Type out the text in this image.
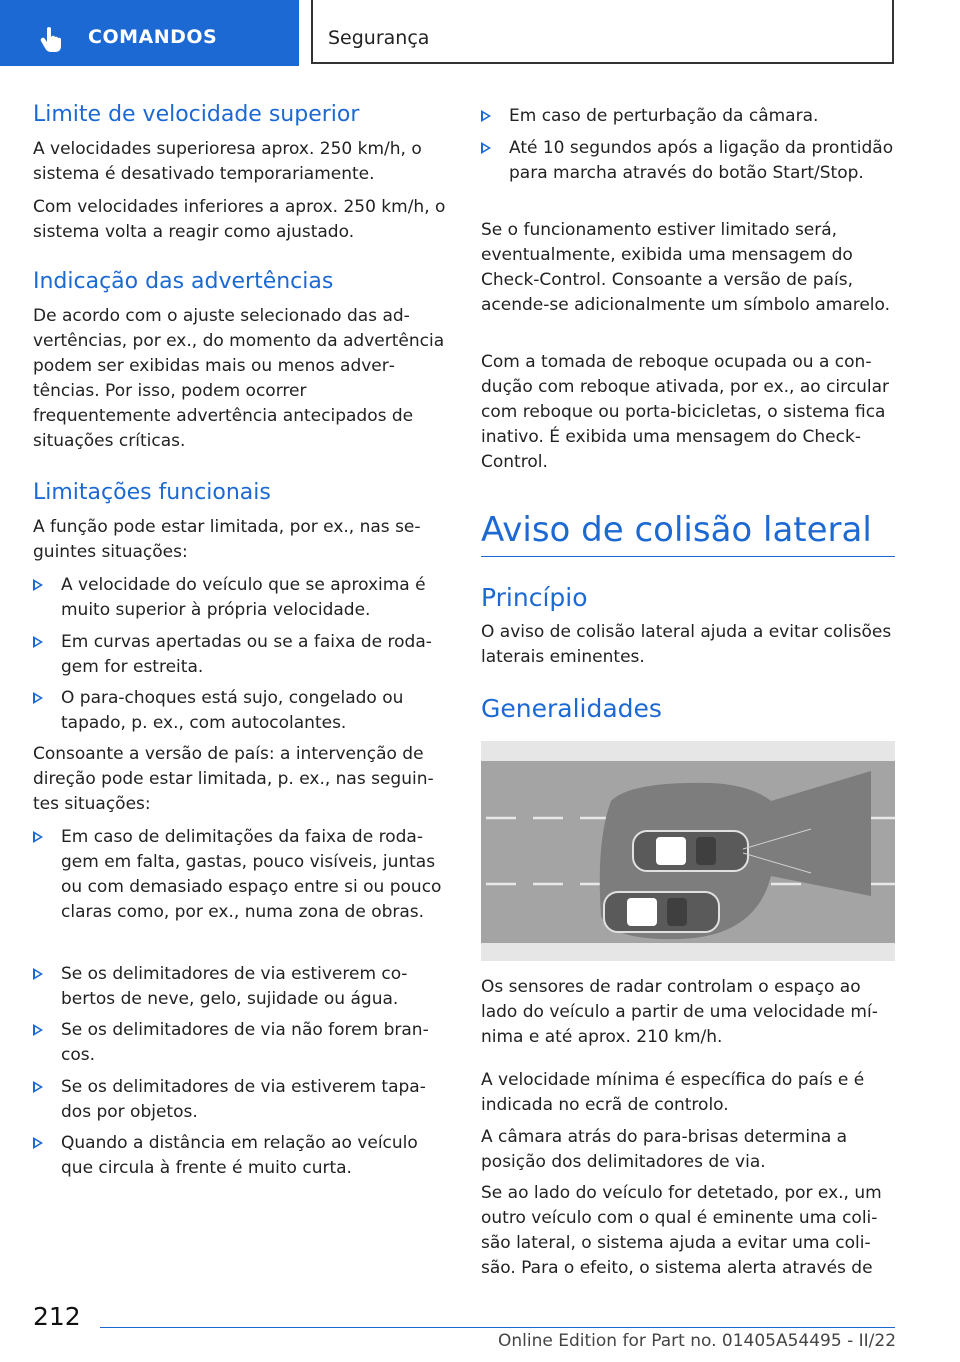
COMANDOS	Segurança
Limite de velocidade superior

A velocidades superioresa aprox. 250 km/h, o sistema é desativado temporariamente.

Com velocidades inferiores a aprox. 250 km/h, o sistema volta a reagir como ajustado.

Indicação das advertências

De acordo com o ajuste selecionado das advertências, por ex., do momento da advertência podem ser exibidas mais ou menos advertências. Por isso, podem ocorrer frequentemente advertência antecipados de situações críticas.

Limitações funcionais

A função pode estar limitada, por ex., nas seguintes situações:

A velocidade do veículo que se aproxima é muito superior à própria velocidade.

Em curvas apertadas ou se a faixa de rodagem for estreita.

O para-choques está sujo, congelado ou tapado, p. ex., com autocolantes.

Consoante a versão de país: a intervenção de direção pode estar limitada, p. ex., nas seguintes situações:

Em caso de delimitações da faixa de rodagem em falta, gastas, pouco visíveis, juntas ou com demasiado espaço entre si ou pouco claras como, por ex., numa zona de obras.

Se os delimitadores de via estiverem cobertos de neve, gelo, sujidade ou água.

Se os delimitadores de via não forem brancos.

Se os delimitadores de via estiverem tapados por objetos.

Quando a distância em relação ao veículo que circula à frente é muito curta.

Em caso de perturbação da câmara.

Até 10 segundos após a ligação da prontidão para marcha através do botão Start/Stop.

Se o funcionamento estiver limitado será, eventualmente, exibida uma mensagem do Check-Control. Consoante a versão de país, acende-se adicionalmente um símbolo amarelo.

Com a tomada de reboque ocupada ou a condução com reboque ativada, por ex., ao circular com reboque ou porta-bicicletas, o sistema fica inativo. É exibida uma mensagem do Check-Control.

Aviso de colisão lateral
Princípio

O aviso de colisão lateral ajuda a evitar colisões laterais eminentes.

Generalidades

Os sensores de radar controlam o espaço ao lado do veículo a partir de uma velocidade mínima e até aprox. 210 km/h.

A velocidade mínima é específica do país e é indicada no ecrã de controlo.

A câmara atrás do para-brisas determina a posição dos delimitadores de via.

Se ao lado do veículo for detetado, por ex., um outro veículo com o qual é eminente uma colisão lateral, o sistema ajuda a evitar uma colisão. Para o efeito, o sistema alerta através de

212
Online Edition for Part no. 01405A54495 - II/22
